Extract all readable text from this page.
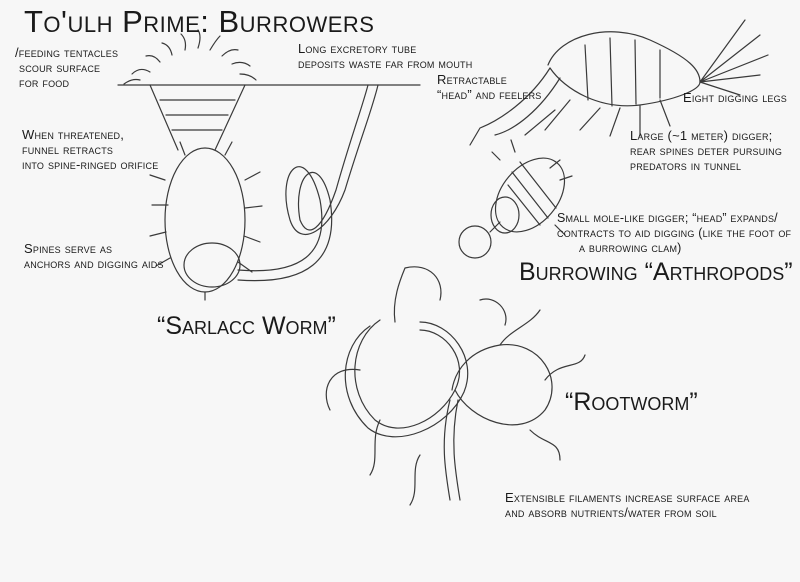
To'ulh Prime: Burrowers
/feeding tentacles
scour surface
for food
When threatened,
funnel retracts
into spine-ringed orifice
Spines serve as
anchors and digging aids
Long excretory tube
deposits waste far from mouth
“Sarlacc Worm”
Retractable
“head” and feelers	Eight digging legs
Large (~1 meter) digger;
rear spines deter pursuing
predators in tunnel
Small mole-like digger; “head” expands/
contracts to aid digging (like the foot of
a burrowing clam)
Burrowing “Arthropods”
“Rootworm”
Extensible filaments increase surface area
and absorb nutrients/water from soil
